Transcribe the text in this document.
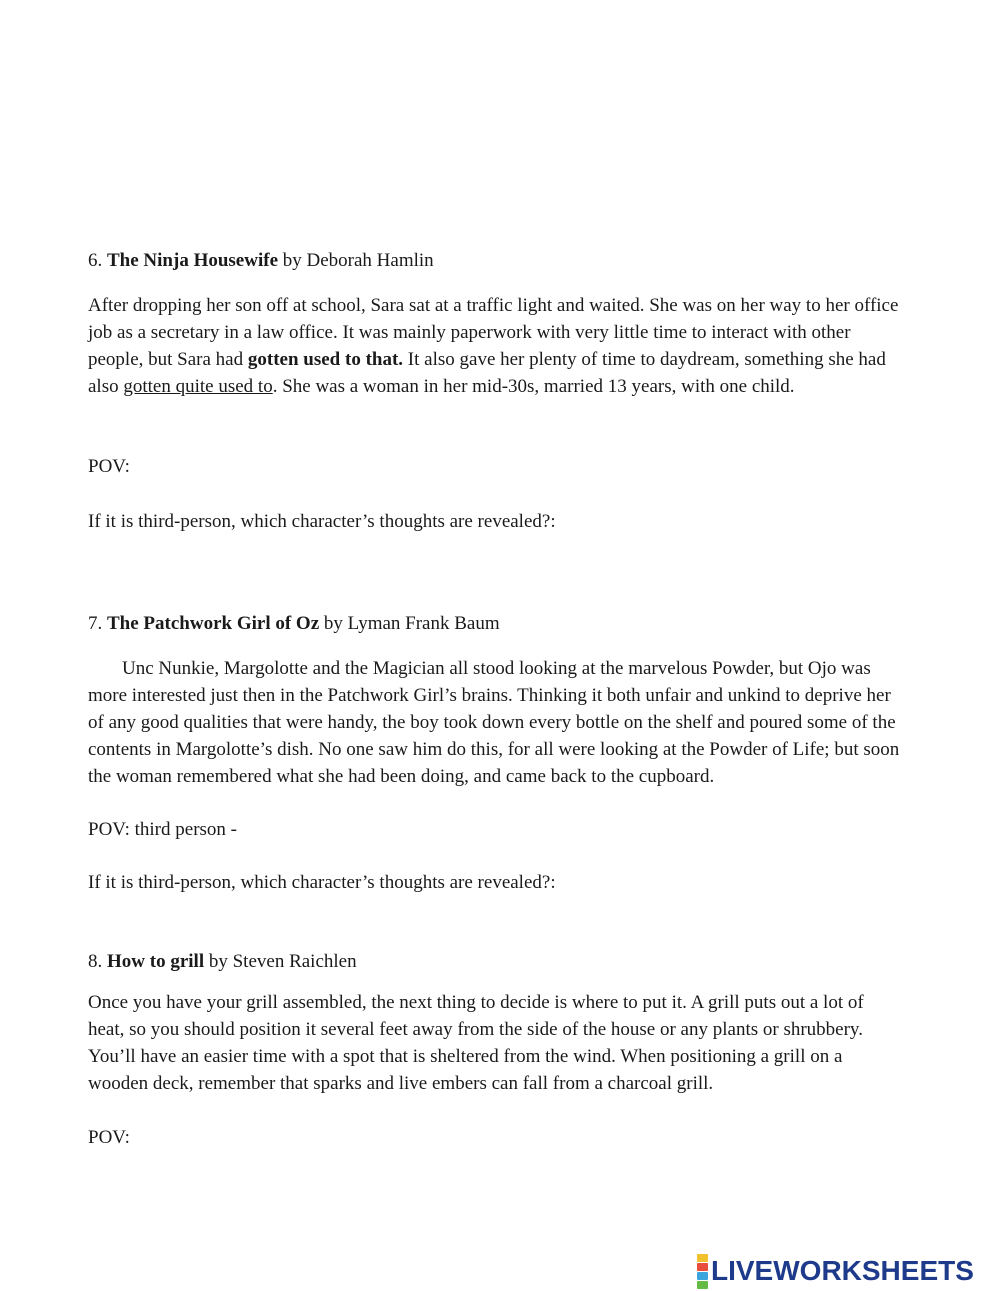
6. The Ninja Housewife by Deborah Hamlin
After dropping her son off at school, Sara sat at a traffic light and waited. She was on her way to her office job as a secretary in a law office. It was mainly paperwork with very little time to interact with other people, but Sara had gotten used to that. It also gave her plenty of time to daydream, something she had also gotten quite used to. She was a woman in her mid-30s, married 13 years, with one child.
POV:
If it is third-person, which character’s thoughts are revealed?:
7. The Patchwork Girl of Oz by Lyman Frank Baum
Unc Nunkie, Margolotte and the Magician all stood looking at the marvelous Powder, but Ojo was more interested just then in the Patchwork Girl’s brains. Thinking it both unfair and unkind to deprive her of any good qualities that were handy, the boy took down every bottle on the shelf and poured some of the contents in Margolotte’s dish. No one saw him do this, for all were looking at the Powder of Life; but soon the woman remembered what she had been doing, and came back to the cupboard.
POV: third person -
If it is third-person, which character’s thoughts are revealed?:
8. How to grill by Steven Raichlen
Once you have your grill assembled, the next thing to decide is where to put it. A grill puts out a lot of heat, so you should position it several feet away from the side of the house or any plants or shrubbery. You’ll have an easier time with a spot that is sheltered from the wind. When positioning a grill on a wooden deck, remember that sparks and live embers can fall from a charcoal grill.
POV:
LIVEWORKSHEETS
